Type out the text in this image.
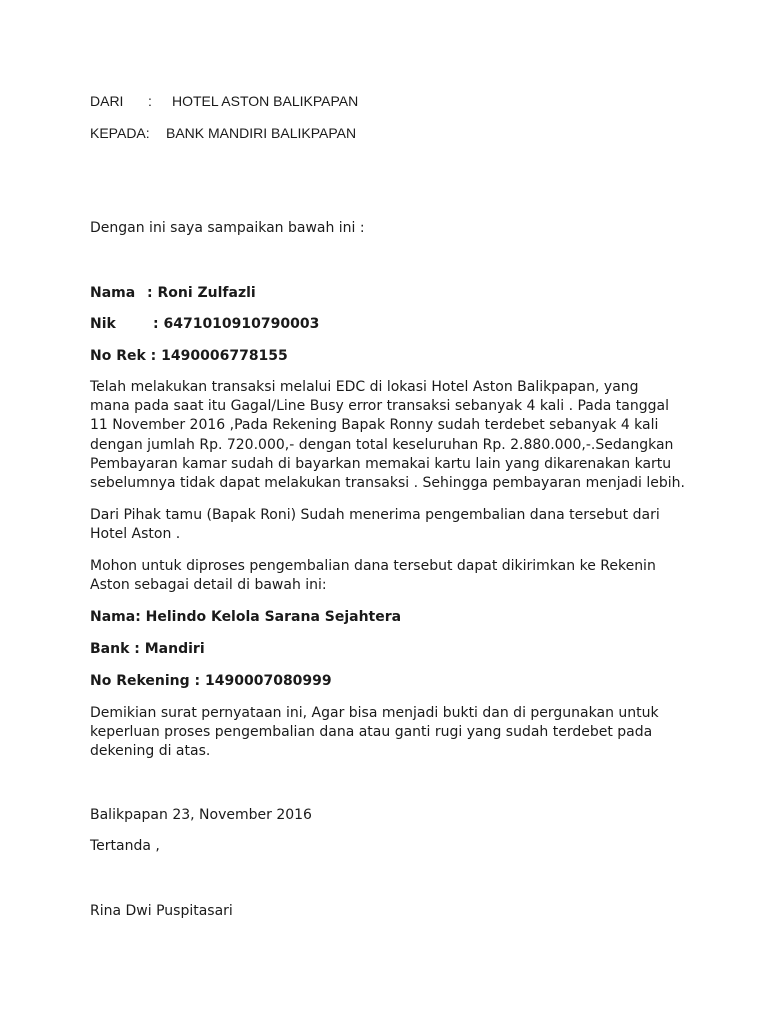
DARI : HOTEL ASTON BALIKPAPAN
KEPADA: BANK MANDIRI BALIKPAPAN
Dengan ini saya sampaikan bawah ini :
Nama : Roni Zulfazli
Nik	: 6471010910790003
No Rek : 1490006778155
Telah melakukan transaksi melalui EDC di lokasi Hotel Aston Balikpapan, yang
mana pada saat itu Gagal/Line Busy error transaksi sebanyak 4 kali . Pada tanggal
11 November 2016 ,Pada Rekening Bapak Ronny sudah terdebet sebanyak 4 kali
dengan jumlah Rp. 720.000,- dengan total keseluruhan Rp. 2.880.000,-.Sedangkan
Pembayaran kamar sudah di bayarkan memakai kartu lain yang dikarenakan kartu
sebelumnya tidak dapat melakukan transaksi . Sehingga pembayaran menjadi lebih.
Dari Pihak tamu (Bapak Roni) Sudah menerima pengembalian dana tersebut dari
Hotel Aston .
Mohon untuk diproses pengembalian dana tersebut dapat dikirimkan ke Rekenin
Aston sebagai detail di bawah ini:
Nama: Helindo Kelola Sarana Sejahtera
Bank : Mandiri
No Rekening : 1490007080999
Demikian surat pernyataan ini, Agar bisa menjadi bukti dan di pergunakan untuk
keperluan proses pengembalian dana atau ganti rugi yang sudah terdebet pada
dekening di atas.
Balikpapan 23, November 2016
Tertanda ,
Rina Dwi Puspitasari
